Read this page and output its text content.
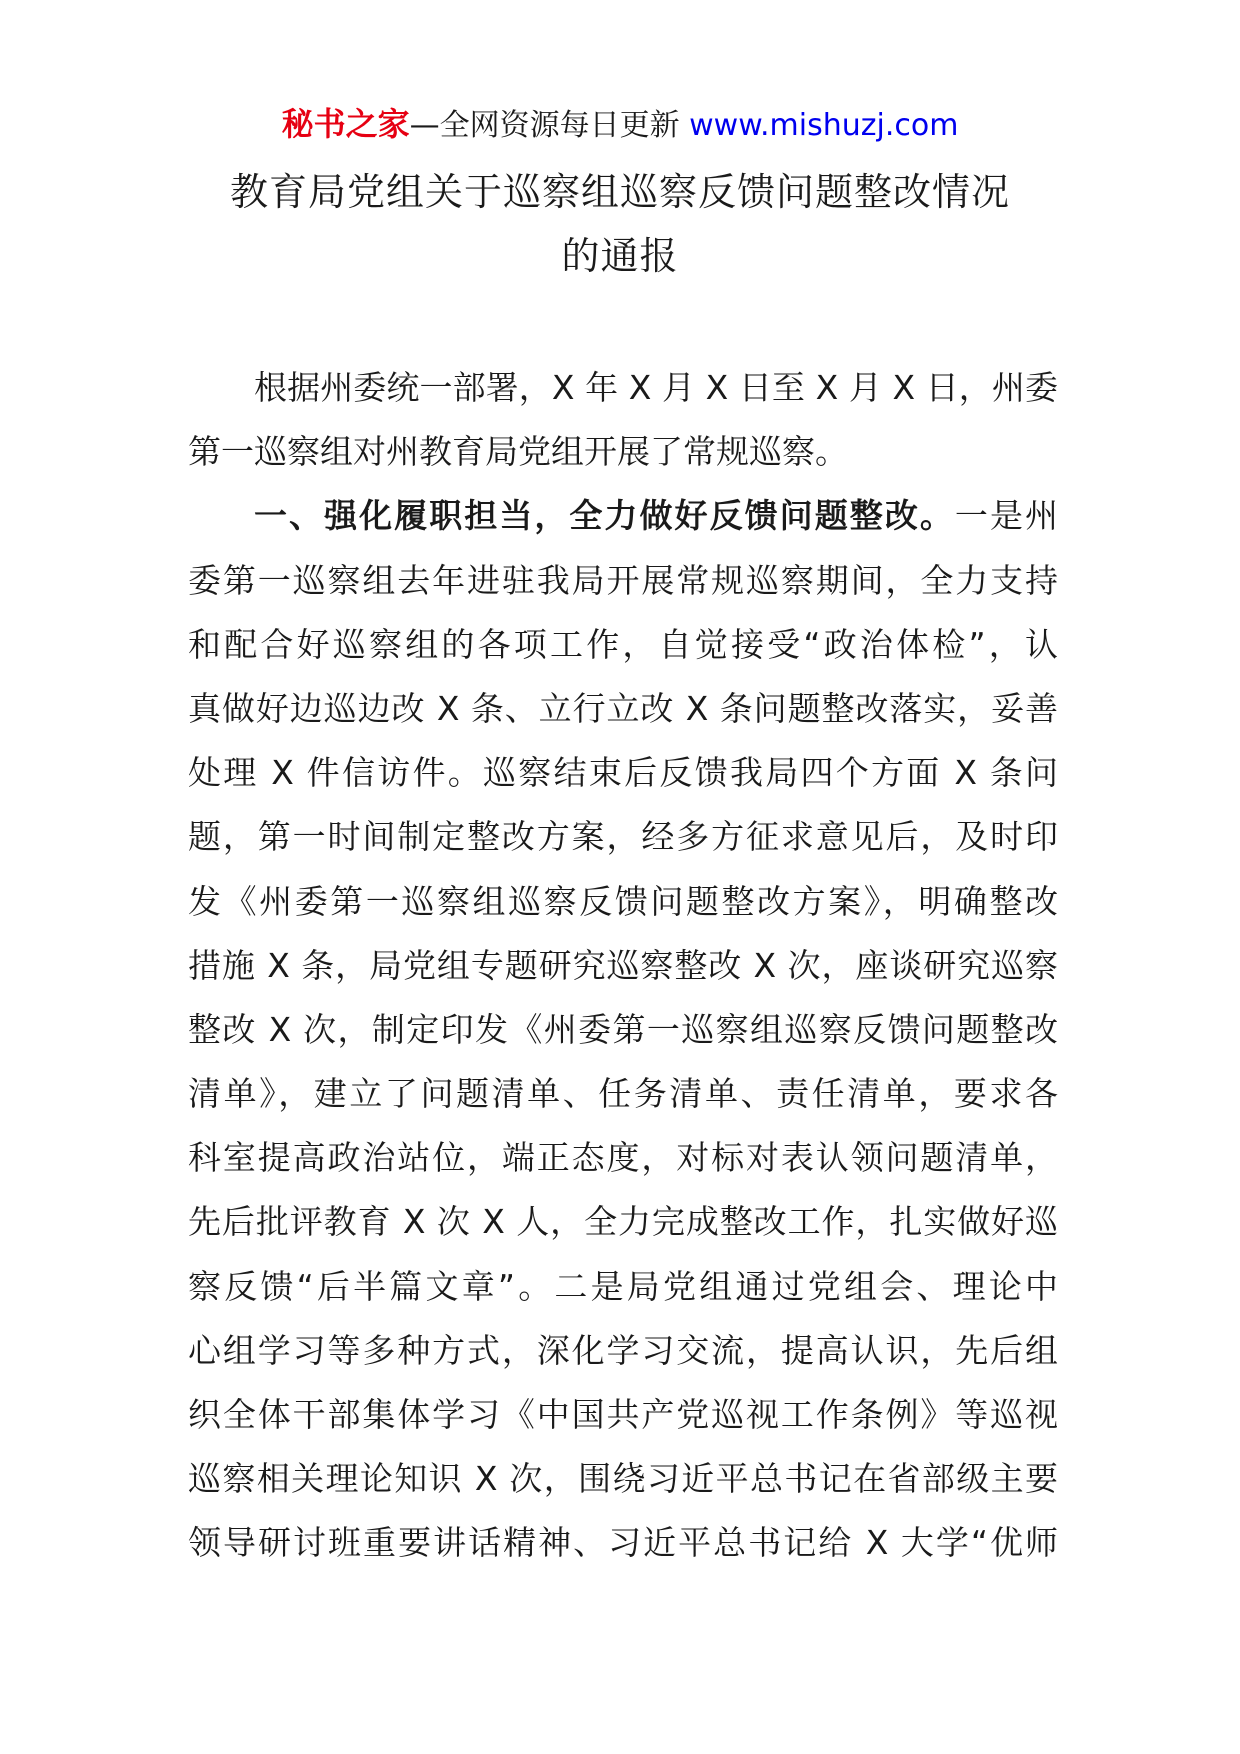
秘书之家—全网资源每日更新 www.mishuzj.com
教育局党组关于巡察组巡察反馈问题整改情况
的通报
根据州委统一部署，X 年 X 月 X 日至 X 月 X 日，州委
第一巡察组对州教育局党组开展了常规巡察。
一、强化履职担当，全力做好反馈问题整改。一是州
委第一巡察组去年进驻我局开展常规巡察期间，全力支持
和配合好巡察组的各项工作，自觉接受“政治体检”，认
真做好边巡边改 X 条、立行立改 X 条问题整改落实，妥善
处理 X 件信访件。巡察结束后反馈我局四个方面 X 条问
题，第一时间制定整改方案，经多方征求意见后，及时印
发《州委第一巡察组巡察反馈问题整改方案》，明确整改
措施 X 条，局党组专题研究巡察整改 X 次，座谈研究巡察
整改 X 次，制定印发《州委第一巡察组巡察反馈问题整改
清单》，建立了问题清单、任务清单、责任清单，要求各
科室提高政治站位，端正态度，对标对表认领问题清单，
先后批评教育 X 次 X 人，全力完成整改工作，扎实做好巡
察反馈“后半篇文章”。二是局党组通过党组会、理论中
心组学习等多种方式，深化学习交流，提高认识，先后组
织全体干部集体学习《中国共产党巡视工作条例》等巡视
巡察相关理论知识 X 次，围绕习近平总书记在省部级主要
领导研讨班重要讲话精神、习近平总书记给 X 大学“优师
